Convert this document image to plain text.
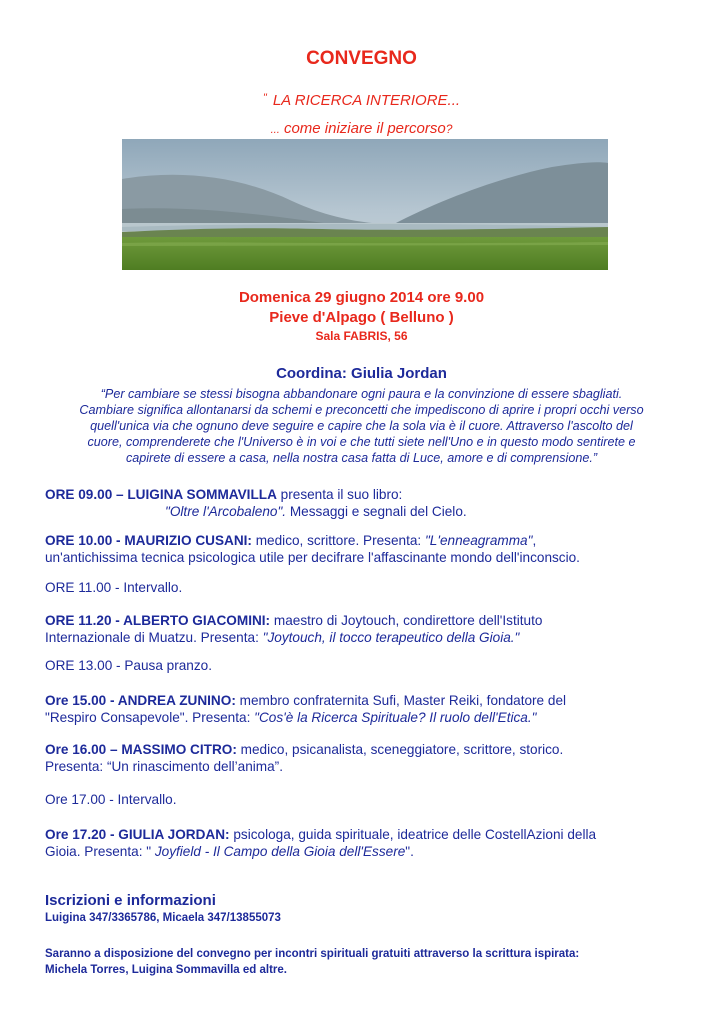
CONVEGNO
" LA RICERCA INTERIORE...
... come iniziare il percorso?
Domenica 29 giugno 2014 ore 9.00
Pieve d'Alpago ( Belluno )
Sala FABRIS, 56
Coordina: Giulia Jordan
“Per cambiare se stessi bisogna abbandonare ogni paura e la convinzione di essere sbagliati.
Cambiare significa allontanarsi da schemi e preconcetti che impediscono di aprire i propri occhi verso
quell'unica via che ognuno deve seguire e capire che la sola via è il cuore. Attraverso l'ascolto del
cuore, comprenderete che l'Universo è in voi e che tutti siete nell'Uno e in questo modo sentirete e
capirete di essere a casa, nella nostra casa fatta di Luce, amore e di comprensione.”
ORE 09.00 – LUIGINA SOMMAVILLA presenta il suo libro:
"Oltre l'Arcobaleno". Messaggi e segnali del Cielo.
ORE 10.00 - MAURIZIO CUSANI: medico, scrittore. Presenta: "L'enneagramma",
un'antichissima tecnica psicologica utile per decifrare l'affascinante mondo dell'inconscio.
ORE 11.00 - Intervallo.
ORE 11.20 - ALBERTO GIACOMINI: maestro di Joytouch, condirettore dell'Istituto
Internazionale di Muatzu. Presenta: "Joytouch, il tocco terapeutico della Gioia."
ORE 13.00 - Pausa pranzo.
Ore 15.00 - ANDREA ZUNINO: membro confraternita Sufi, Master Reiki, fondatore del
"Respiro Consapevole". Presenta: "Cos'è la Ricerca Spirituale? Il ruolo dell'Etica."
Ore 16.00 – MASSIMO CITRO: medico, psicanalista, sceneggiatore, scrittore, storico.
Presenta: “Un rinascimento dell’anima”.
Ore 17.00 - Intervallo.
Ore 17.20 - GIULIA JORDAN: psicologa, guida spirituale, ideatrice delle CostellAzioni della
Gioia. Presenta: " Joyfield - Il Campo della Gioia dell'Essere".
Iscrizioni e informazioni
Luigina 347/3365786, Micaela 347/13855073
Saranno a disposizione del convegno per incontri spirituali gratuiti attraverso la scrittura ispirata:
Michela Torres, Luigina Sommavilla ed altre.
